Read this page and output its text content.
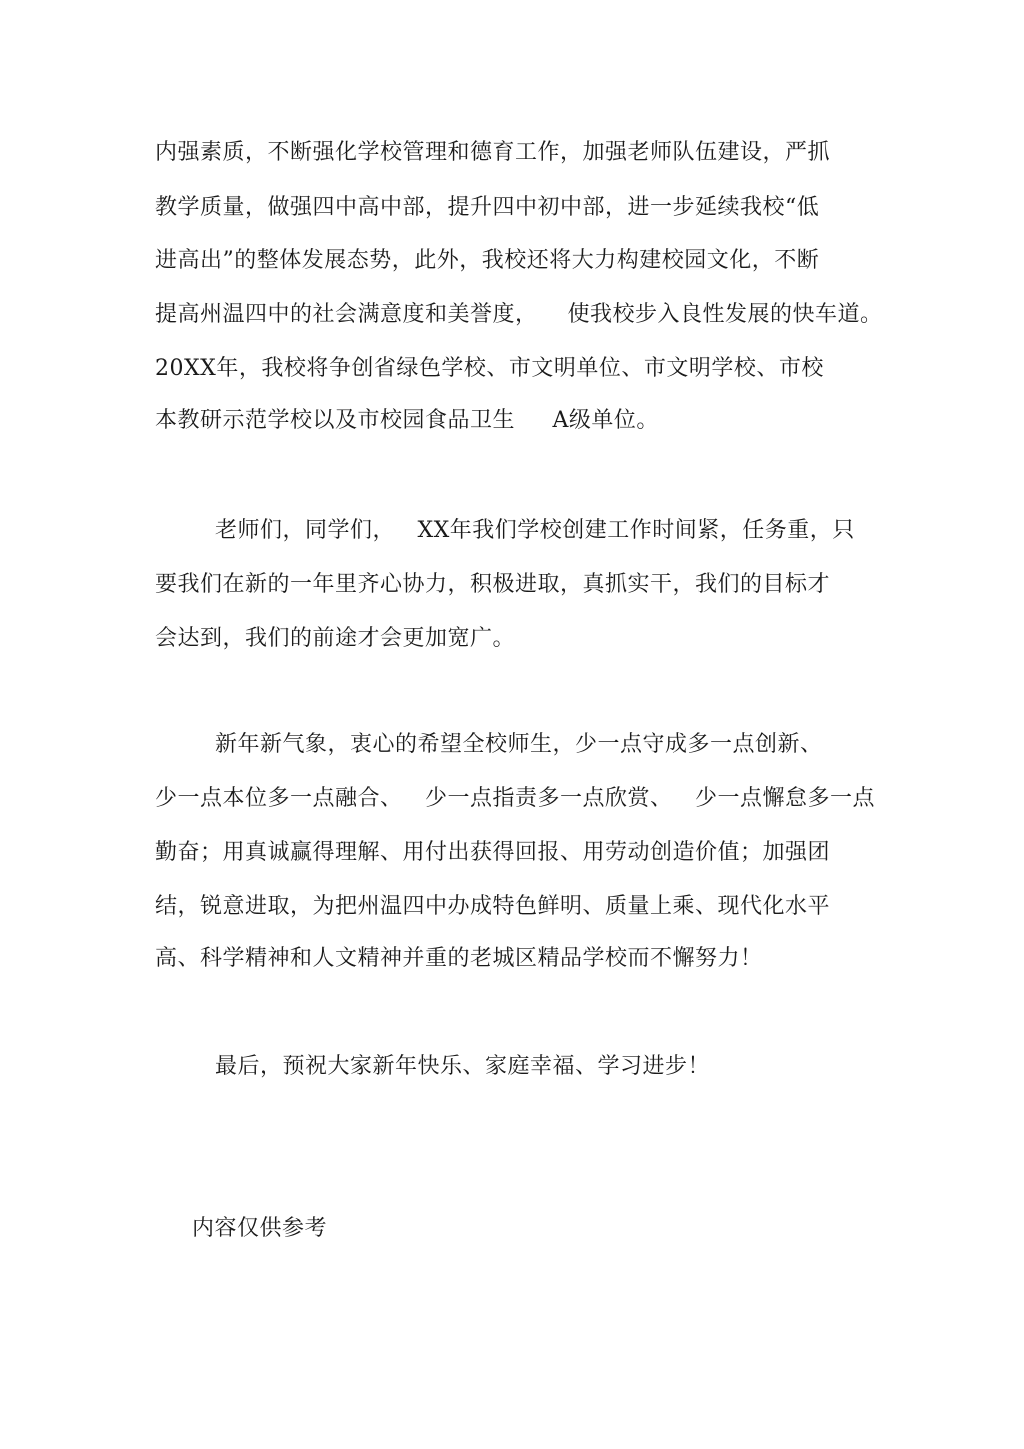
内强素质，不断强化学校管理和德育工作，加强老师队伍建设，严抓
教学质量，做强四中高中部，提升四中初中部，进一步延续我校“低
进高出”的整体发展态势，此外，我校还将大力构建校园文化，不断
提高州温四中的社会满意度和美誉度，    使我校步入良性发展的快车道。
20XX年，我校将争创省绿色学校、市文明单位、市文明学校、市校
本教研示范学校以及市校园食品卫生     A级单位。
老师们，同学们，   XX年我们学校创建工作时间紧，任务重，只
要我们在新的一年里齐心协力，积极进取，真抓实干，我们的目标才
会达到，我们的前途才会更加宽广。
新年新气象，衷心的希望全校师生，少一点守成多一点创新、
少一点本位多一点融合、   少一点指责多一点欣赏、   少一点懈怠多一点
勤奋；用真诚赢得理解、用付出获得回报、用劳动创造价值；加强团
结，锐意进取，为把州温四中办成特色鲜明、质量上乘、现代化水平
高、科学精神和人文精神并重的老城区精品学校而不懈努力！
最后，预祝大家新年快乐、家庭幸福、学习进步！
内容仅供参考
